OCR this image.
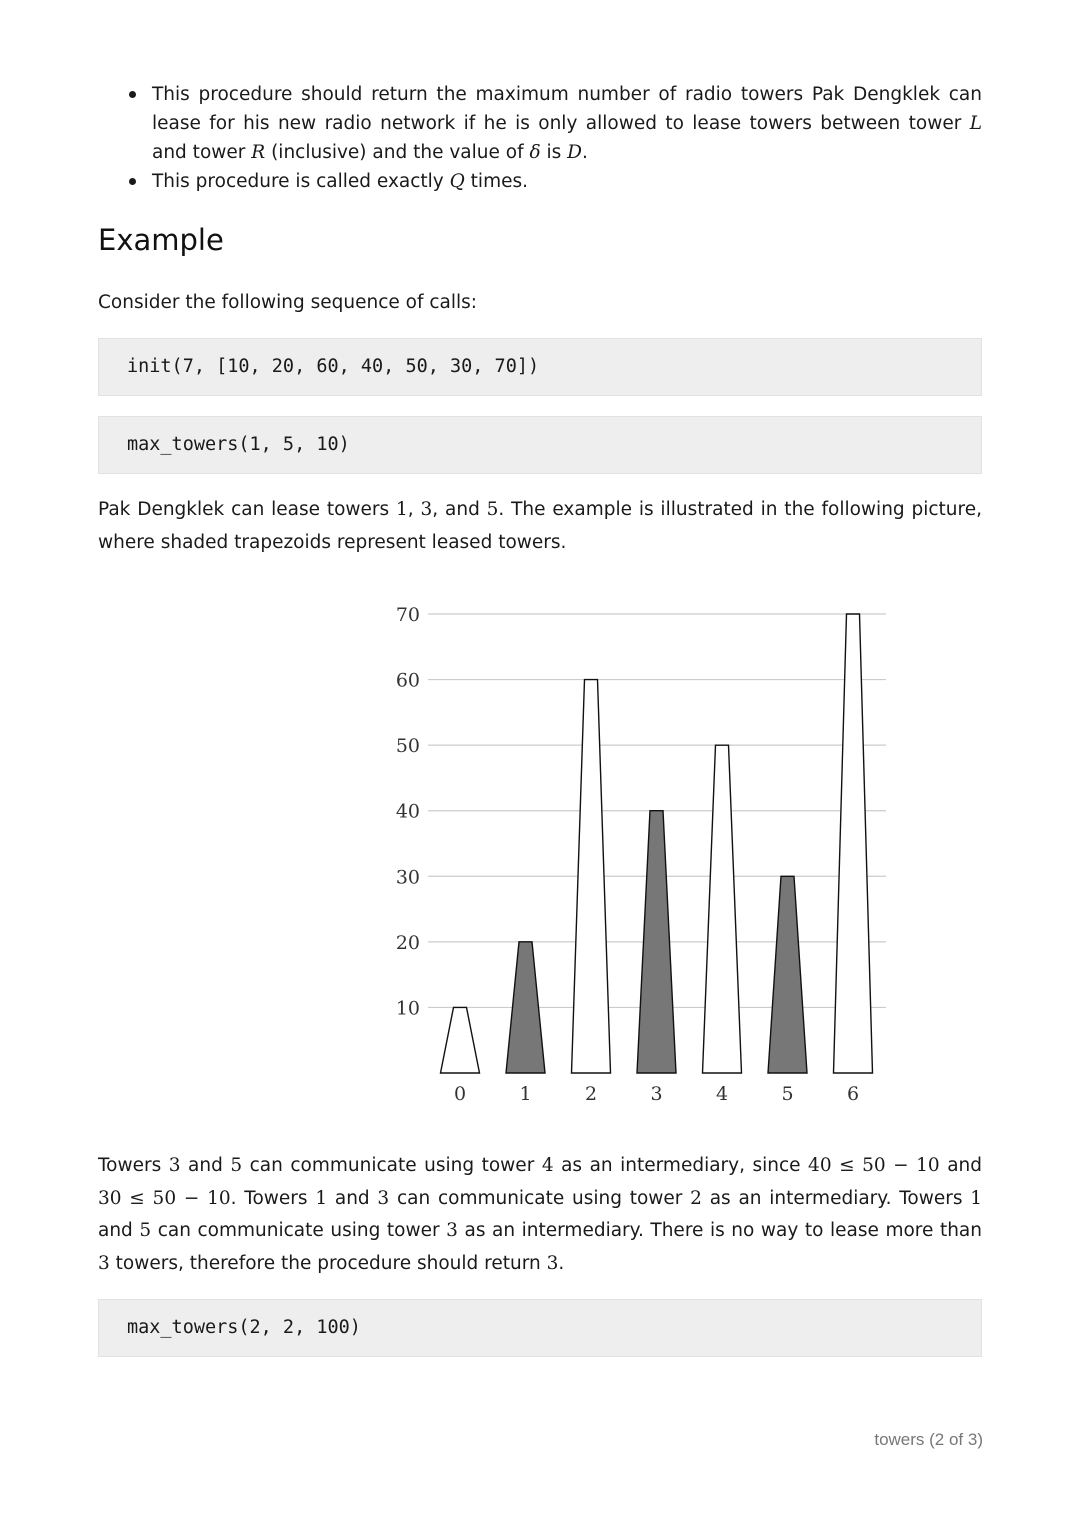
This procedure should return the maximum number of radio towers Pak Dengklek can lease for his new radio network if he is only allowed to lease towers between tower L and tower R (inclusive) and the value of δ is D.
This procedure is called exactly Q times.
Example

Consider the following sequence of calls:

init(7, [10, 20, 60, 40, 50, 30, 70])
max_towers(1, 5, 10)

Pak Dengklek can lease towers 1, 3, and 5. The example is illustrated in the following picture, where shaded trapezoids represent leased towers.

10
20
30
40
50
60
70
0	1	2	3	4	5	6

Towers 3 and 5 can communicate using tower 4 as an intermediary, since 40 ≤ 50 − 10 and 30 ≤ 50 − 10. Towers 1 and 3 can communicate using tower 2 as an intermediary. Towers 1 and 5 can communicate using tower 3 as an intermediary. There is no way to lease more than 3 towers, therefore the procedure should return 3.

max_towers(2, 2, 100)
towers (2 of 3)
